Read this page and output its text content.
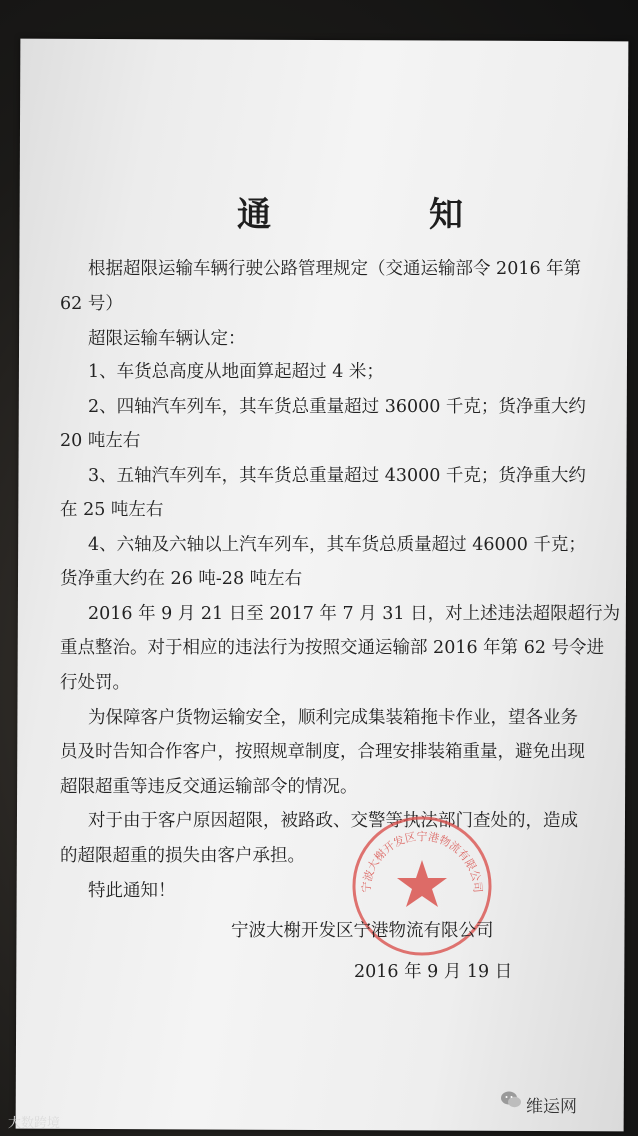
通　知

根据超限运输车辆行驶公路管理规定（交通运输部令 2016 年第

62 号）

超限运输车辆认定：

1、车货总高度从地面算起超过 4 米；

2、四轴汽车列车，其车货总重量超过 36000 千克；货净重大约

20 吨左右

3、五轴汽车列车，其车货总重量超过 43000 千克；货净重大约

在 25 吨左右

4、六轴及六轴以上汽车列车，其车货总质量超过 46000 千克；

货净重大约在 26 吨-28 吨左右

2016 年 9 月 21 日至 2017 年 7 月 31 日，对上述违法超限超行为

重点整治。对于相应的违法行为按照交通运输部 2016 年第 62 号令进

行处罚。

为保障客户货物运输安全，顺利完成集装箱拖卡作业，望各业务

员及时告知合作客户，按照规章制度，合理安排装箱重量，避免出现

超限超重等违反交通运输部令的情况。

对于由于客户原因超限，被路政、交警等执法部门查处的，造成

的超限超重的损失由客户承担。

特此通知！	宁波大榭开发区宁港物流有限公司

宁波大榭开发区宁港物流有限公司

2016 年 9 月 19 日

大数跨境
维运网
